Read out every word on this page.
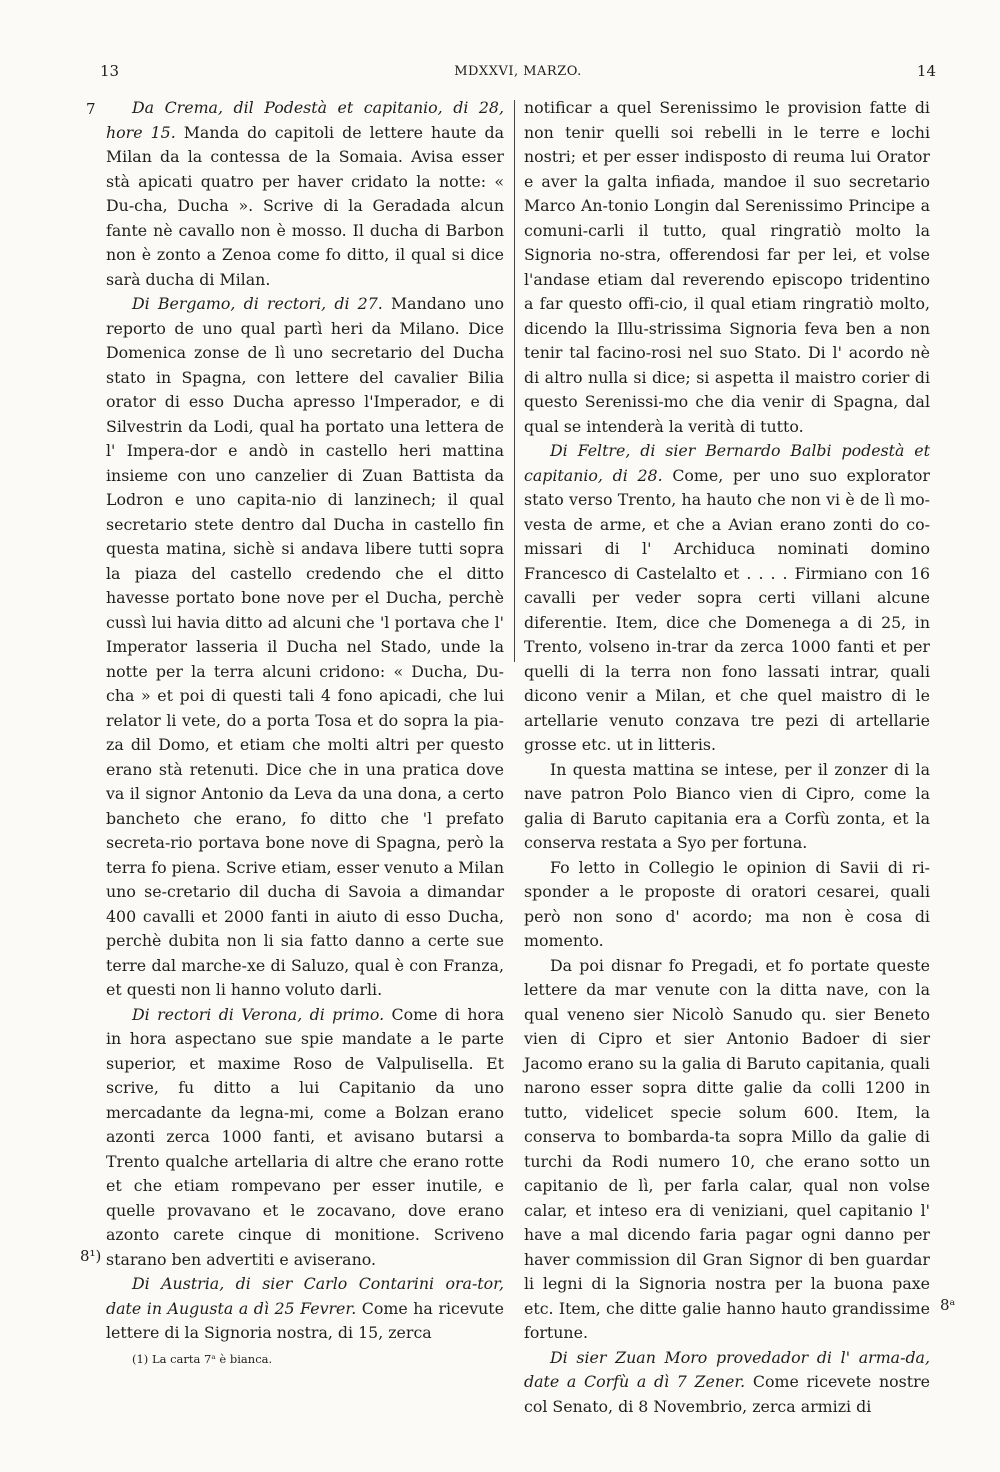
13	MDXXVI, MARZO.	14
7
8¹)
8ᵃ

Da Crema, dil Podestà et capitanio, di 28, hore 15. Manda do capitoli de lettere haute da Milan da la contessa de la Somaia. Avisa esser stà apicati quatro per haver cridato la notte: « Du-cha, Ducha ». Scrive di la Geradada alcun fante nè cavallo non è mosso. Il ducha di Barbon non è zonto a Zenoa come fo ditto, il qual si dice sarà ducha di Milan.

Di Bergamo, di rectori, di 27. Mandano uno reporto de uno qual partì heri da Milano. Dice Domenica zonse de lì uno secretario del Ducha stato in Spagna, con lettere del cavalier Bilia orator di esso Ducha apresso l'Imperador, e di Silvestrin da Lodi, qual ha portato una lettera de l' Impera-dor e andò in castello heri mattina insieme con uno canzelier di Zuan Battista da Lodron e uno capita-nio di lanzinech; il qual secretario stete dentro dal Ducha in castello fin questa matina, sichè si andava libere tutti sopra la piaza del castello credendo che el ditto havesse portato bone nove per el Ducha, perchè cussì lui havia ditto ad alcuni che 'l portava che l' Imperator lasseria il Ducha nel Stado, unde la notte per la terra alcuni cridono: « Ducha, Du-cha » et poi di questi tali 4 fono apicadi, che lui relator li vete, do a porta Tosa et do sopra la pia-za dil Domo, et etiam che molti altri per questo erano stà retenuti. Dice che in una pratica dove va il signor Antonio da Leva da una dona, a certo bancheto che erano, fo ditto che 'l prefato secreta-rio portava bone nove di Spagna, però la terra fo piena. Scrive etiam, esser venuto a Milan uno se-cretario dil ducha di Savoia a dimandar 400 cavalli et 2000 fanti in aiuto di esso Ducha, perchè dubita non li sia fatto danno a certe sue terre dal marche-xe di Saluzo, qual è con Franza, et questi non li hanno voluto darli.

Di rectori di Verona, di primo. Come di hora in hora aspectano sue spie mandate a le parte superior, et maxime Roso de Valpulisella. Et scrive, fu ditto a lui Capitanio da uno mercadante da legna-mi, come a Bolzan erano azonti zerca 1000 fanti, et avisano butarsi a Trento qualche artellaria di altre che erano rotte et che etiam rompevano per esser inutile, e quelle provavano et le zocavano, dove erano azonto carete cinque di monitione. Scriveno starano ben advertiti e aviserano.

Di Austria, di sier Carlo Contarini ora-tor, date in Augusta a dì 25 Fevrer. Come ha ricevute lettere di la Signoria nostra, di 15, zerca

notificar a quel Serenissimo le provision fatte di non tenir quelli soi rebelli in le terre e lochi nostri; et per esser indisposto di reuma lui Orator e aver la galta infiada, mandoe il suo secretario Marco An-tonio Longin dal Serenissimo Principe a comuni-carli il tutto, qual ringratiò molto la Signoria no-stra, offerendosi far per lei, et volse l'andase etiam dal reverendo episcopo tridentino a far questo offi-cio, il qual etiam ringratiò molto, dicendo la Illu-strissima Signoria feva ben a non tenir tal facino-rosi nel suo Stato. Di l' acordo nè di altro nulla si dice; si aspetta il maistro corier di questo Serenissi-mo che dia venir di Spagna, dal qual se intenderà la verità di tutto.

Di Feltre, di sier Bernardo Balbi podestà et capitanio, di 28. Come, per uno suo explorator stato verso Trento, ha hauto che non vi è de lì mo-vesta de arme, et che a Avian erano zonti do co-missari di l' Archiduca nominati domino Francesco di Castelalto et . . . . Firmiano con 16 cavalli per veder sopra certi villani alcune diferentie. Item, dice che Domenega a di 25, in Trento, volseno in-trar da zerca 1000 fanti et per quelli di la terra non fono lassati intrar, quali dicono venir a Milan, et che quel maistro di le artellarie venuto conzava tre pezi di artellarie grosse etc. ut in litteris.

In questa mattina se intese, per il zonzer di la nave patron Polo Bianco vien di Cipro, come la galia di Baruto capitania era a Corfù zonta, et la conserva restata a Syo per fortuna.

Fo letto in Collegio le opinion di Savii di ri-sponder a le proposte di oratori cesarei, quali però non sono d' acordo; ma non è cosa di momento.

Da poi disnar fo Pregadi, et fo portate queste lettere da mar venute con la ditta nave, con la qual veneno sier Nicolò Sanudo qu. sier Beneto vien di Cipro et sier Antonio Badoer di sier Jacomo erano su la galia di Baruto capitania, quali narono esser sopra ditte galie da colli 1200 in tutto, videlicet specie solum 600. Item, la conserva to bombarda-ta sopra Millo da galie di turchi da Rodi numero 10, che erano sotto un capitanio de lì, per farla calar, qual non volse calar, et inteso era di veniziani, quel capitanio l' have a mal dicendo faria pagar ogni danno per haver commission dil Gran Signor di ben guardar li legni di la Signoria nostra per la buona paxe etc. Item, che ditte galie hanno hauto grandissime fortune.

Di sier Zuan Moro provedador di l' arma-da, date a Corfù a dì 7 Zener. Come ricevete nostre col Senato, di 8 Novembrio, zerca armizi di

(1) La carta 7ᵃ è bianca.
